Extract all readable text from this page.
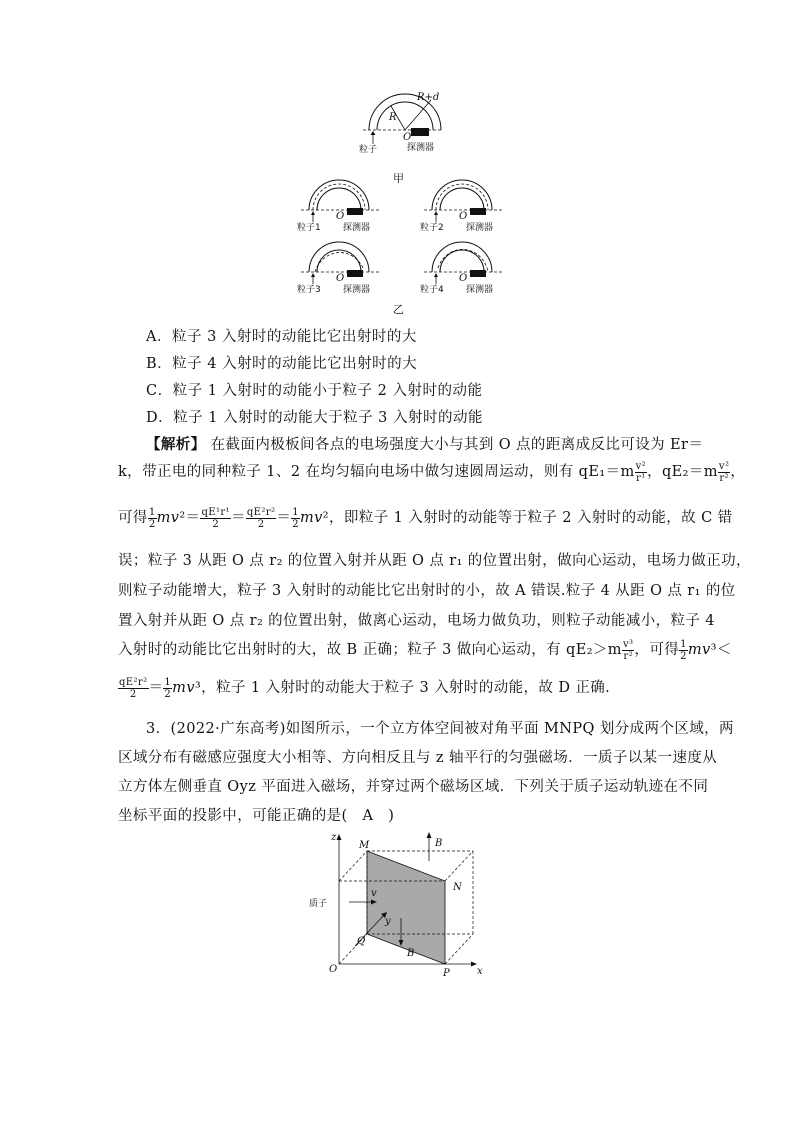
R
R+d
O
粒子	探测器
甲
O
粒子1 探测器
O
粒子2 探测器
O
粒子3 探测器
O
粒子4 探测器
乙
A．粒子 3 入射时的动能比它出射时的大
B．粒子 4 入射时的动能比它出射时的大
C．粒子 1 入射时的动能小于粒子 2 入射时的动能
D．粒子 1 入射时的动能大于粒子 3 入射时的动能
【解析】 在截面内极板间各点的电场强度大小与其到 O 点的距离成反比可设为 Er＝
k，带正电的同种粒子 1、2 在均匀辐向电场中做匀速圆周运动，则有 $qE_1=m \frac{\text{v²}}{\text{r¹}}$ ，$qE_2=m \frac{\text{v²}}{\text{r²}}$ ，
可得 $\frac{1}{2} mv^2= \frac{\text{qE¹r¹}}{2} = \frac{\text{qE²r²}}{2} = \frac{1}{2} mv^2$，即粒子 1 入射时的动能等于粒子 2 入射时的动能，故 C 错
误；粒子 3 从距 O 点 r₂ 的位置入射并从距 O 点 r₁ 的位置出射，做向心运动，电场力做正功，
则粒子动能增大，粒子 3 入射时的动能比它出射时的小，故 A 错误.粒子 4 从距 O 点 r₁ 的位
置入射并从距 O 点 r₂ 的位置出射，做离心运动，电场力做负功，则粒子动能减小，粒子 4
入射时的动能比它出射时的大，故 B 正确；粒子 3 做向心运动，有 $qE_2>m \frac{\text{v³}}{\text{r²}}$ ，可得 $\frac{1}{2} mv^3<$
$\frac{\text{qE²r²}}{2} = \frac{1}{2} mv^3$，粒子 1 入射时的动能大于粒子 3 入射时的动能，故 D 正确.
3．(2022·广东高考)如图所示，一个立方体空间被对角平面 MNPQ 划分成两个区域，两
区域分布有磁感应强度大小相等、方向相反且与 z 轴平行的匀强磁场．一质子以某一速度从
立方体左侧垂直 Oyz 平面进入磁场，并穿过两个磁场区域．下列关于质子运动轨迹在不同
坐标平面的投影中，可能正确的是(　A　)
z
x
y
O
M
N
P
Q
B
B
v
质子
